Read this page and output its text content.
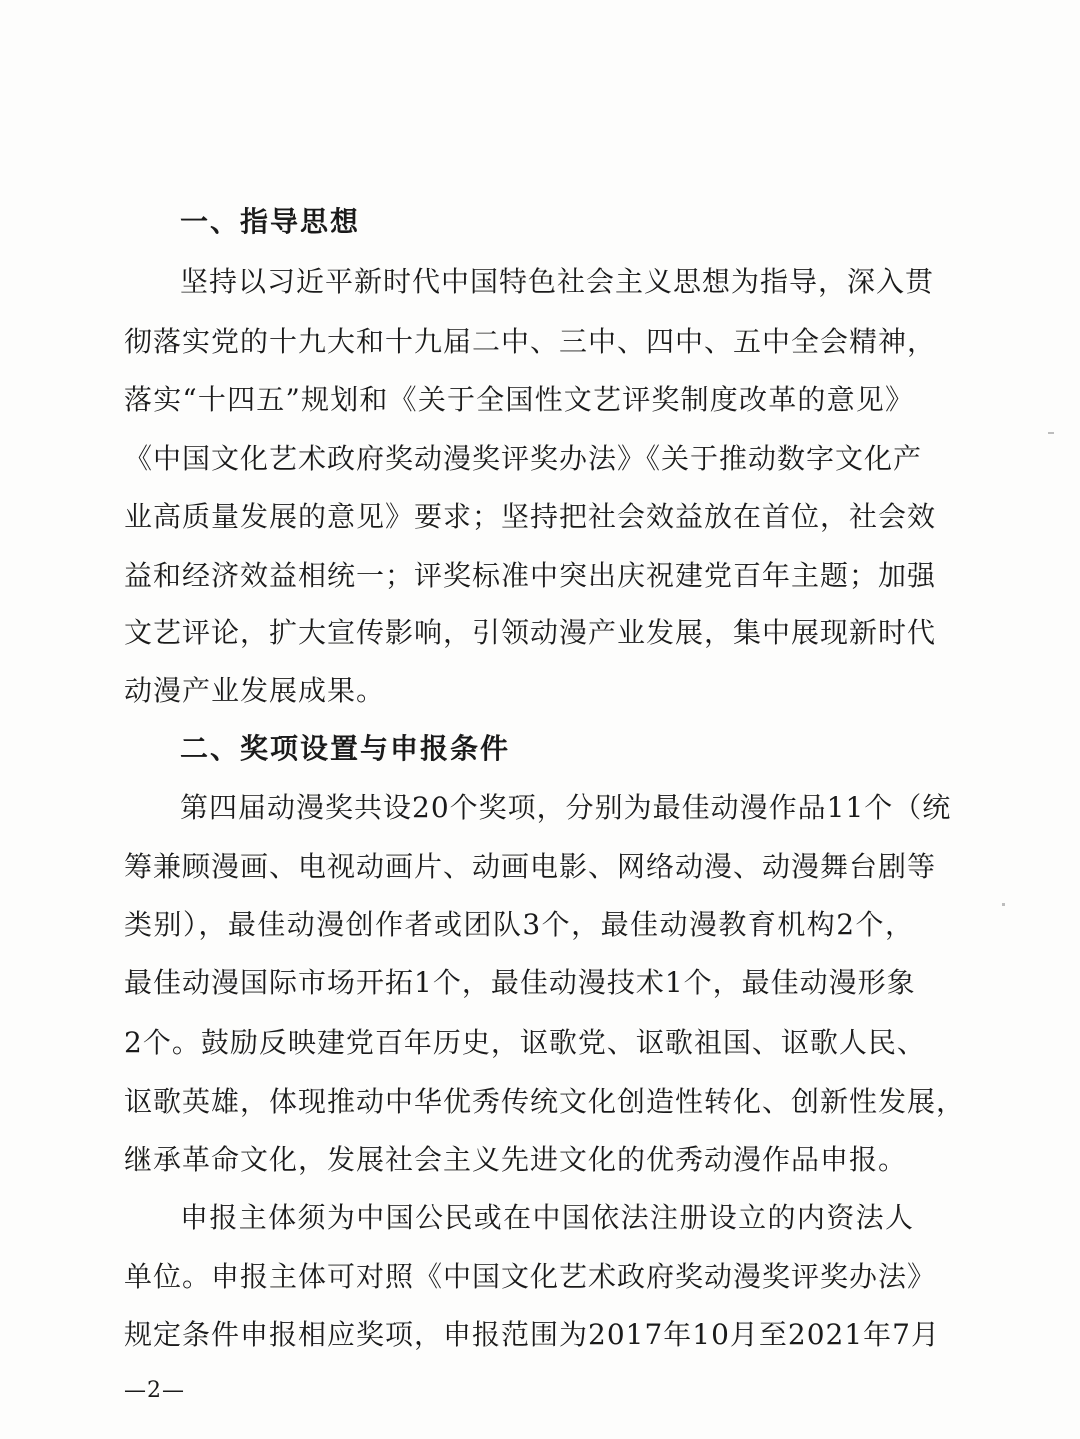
一、指导思想
坚持以习近平新时代中国特色社会主义思想为指导，深入贯
彻落实党的十九大和十九届二中、三中、四中、五中全会精神，
落实“十四五”规划和《关于全国性文艺评奖制度改革的意见》
《中国文化艺术政府奖动漫奖评奖办法》《关于推动数字文化产
业高质量发展的意见》要求；坚持把社会效益放在首位，社会效
益和经济效益相统一；评奖标准中突出庆祝建党百年主题；加强
文艺评论，扩大宣传影响，引领动漫产业发展，集中展现新时代
动漫产业发展成果。
二、奖项设置与申报条件
第四届动漫奖共设20个奖项，分别为最佳动漫作品11个（统
筹兼顾漫画、电视动画片、动画电影、网络动漫、动漫舞台剧等
类别），最佳动漫创作者或团队3个，最佳动漫教育机构2个，
最佳动漫国际市场开拓1个，最佳动漫技术1个，最佳动漫形象
2个。鼓励反映建党百年历史，讴歌党、讴歌祖国、讴歌人民、
讴歌英雄，体现推动中华优秀传统文化创造性转化、创新性发展，
继承革命文化，发展社会主义先进文化的优秀动漫作品申报。
申报主体须为中国公民或在中国依法注册设立的内资法人
单位。申报主体可对照《中国文化艺术政府奖动漫奖评奖办法》
规定条件申报相应奖项，申报范围为2017年10月至2021年7月
—2—
